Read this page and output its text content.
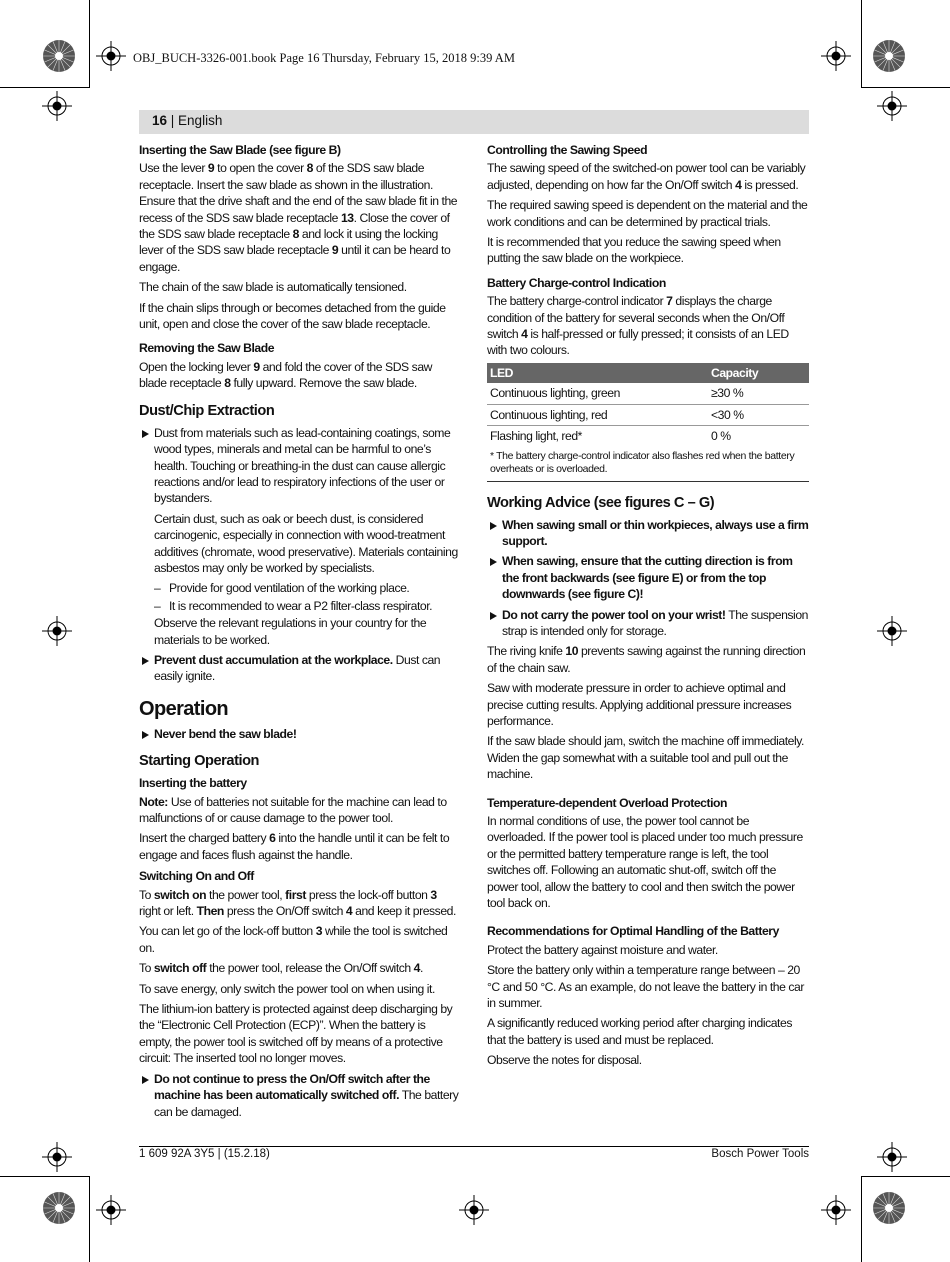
OBJ_BUCH-3326-001.book Page 16 Thursday, February 15, 2018 9:39 AM
16 | English
Inserting the Saw Blade (see figure B)

Use the lever 9 to open the cover 8 of the SDS saw blade receptacle. Insert the saw blade as shown in the illustration. Ensure that the drive shaft and the end of the saw blade fit in the recess of the SDS saw blade receptacle 13. Close the cover of the SDS saw blade receptacle 8 and lock it using the locking lever of the SDS saw blade receptacle 9 until it can be heard to engage.

The chain of the saw blade is automatically tensioned.

If the chain slips through or becomes detached from the guide unit, open and close the cover of the saw blade receptacle.

Removing the Saw Blade

Open the locking lever 9 and fold the cover of the SDS saw blade receptacle 8 fully upward. Remove the saw blade.

Dust/Chip Extraction

Dust from materials such as lead-containing coatings, some wood types, minerals and metal can be harmful to one’s health. Touching or breathing-in the dust can cause allergic reactions and/or lead to respiratory infections of the user or bystanders.

Certain dust, such as oak or beech dust, is considered carcinogenic, especially in connection with wood-treatment additives (chromate, wood preservative). Materials containing asbestos may only be worked by specialists.

– Provide for good ventilation of the working place.
– It is recommended to wear a P2 filter-class respirator.

Observe the relevant regulations in your country for the materials to be worked.

Prevent dust accumulation at the workplace. Dust can easily ignite.
Operation
Never bend the saw blade!
Starting Operation
Inserting the battery

Note: Use of batteries not suitable for the machine can lead to malfunctions of or cause damage to the power tool.

Insert the charged battery 6 into the handle until it can be felt to engage and faces flush against the handle.

Switching On and Off

To switch on the power tool, first press the lock-off button 3 right or left. Then press the On/Off switch 4 and keep it pressed.

You can let go of the lock-off button 3 while the tool is switched on.

To switch off the power tool, release the On/Off switch 4.

To save energy, only switch the power tool on when using it.

The lithium-ion battery is protected against deep discharging by the “Electronic Cell Protection (ECP)”. When the battery is empty, the power tool is switched off by means of a protective circuit: The inserted tool no longer moves.

Do not continue to press the On/Off switch after the machine has been automatically switched off. The battery can be damaged.
Controlling the Sawing Speed

The sawing speed of the switched-on power tool can be variably adjusted, depending on how far the On/Off switch 4 is pressed.

The required sawing speed is dependent on the material and the work conditions and can be determined by practical trials.

It is recommended that you reduce the sawing speed when putting the saw blade on the workpiece.

Battery Charge-control Indication

The battery charge-control indicator 7 displays the charge condition of the battery for several seconds when the On/Off switch 4 is half-pressed or fully pressed; it consists of an LED with two colours.

LED	Capacity
Continuous lighting, green	≥30 %
Continuous lighting, red	<30 %
Flashing light, red*	0 %
* The battery charge-control indicator also flashes red when the battery overheats or is overloaded.
Working Advice (see figures C – G)
When sawing small or thin workpieces, always use a firm support.
When sawing, ensure that the cutting direction is from the front backwards (see figure E) or from the top downwards (see figure C)!
Do not carry the power tool on your wrist! The suspension strap is intended only for storage.

The riving knife 10 prevents sawing against the running direction of the chain saw.

Saw with moderate pressure in order to achieve optimal and precise cutting results. Applying additional pressure increases performance.

If the saw blade should jam, switch the machine off immediately. Widen the gap somewhat with a suitable tool and pull out the machine.

Temperature-dependent Overload Protection

In normal conditions of use, the power tool cannot be overloaded. If the power tool is placed under too much pressure or the permitted battery temperature range is left, the tool switches off. Following an automatic shut-off, switch off the power tool, allow the battery to cool and then switch the power tool back on.

Recommendations for Optimal Handling of the Battery

Protect the battery against moisture and water.

Store the battery only within a temperature range between – 20 °C and 50 °C. As an example, do not leave the battery in the car in summer.

A significantly reduced working period after charging indicates that the battery is used and must be replaced.

Observe the notes for disposal.

1 609 92A 3Y5 | (15.2.18)	Bosch Power Tools
